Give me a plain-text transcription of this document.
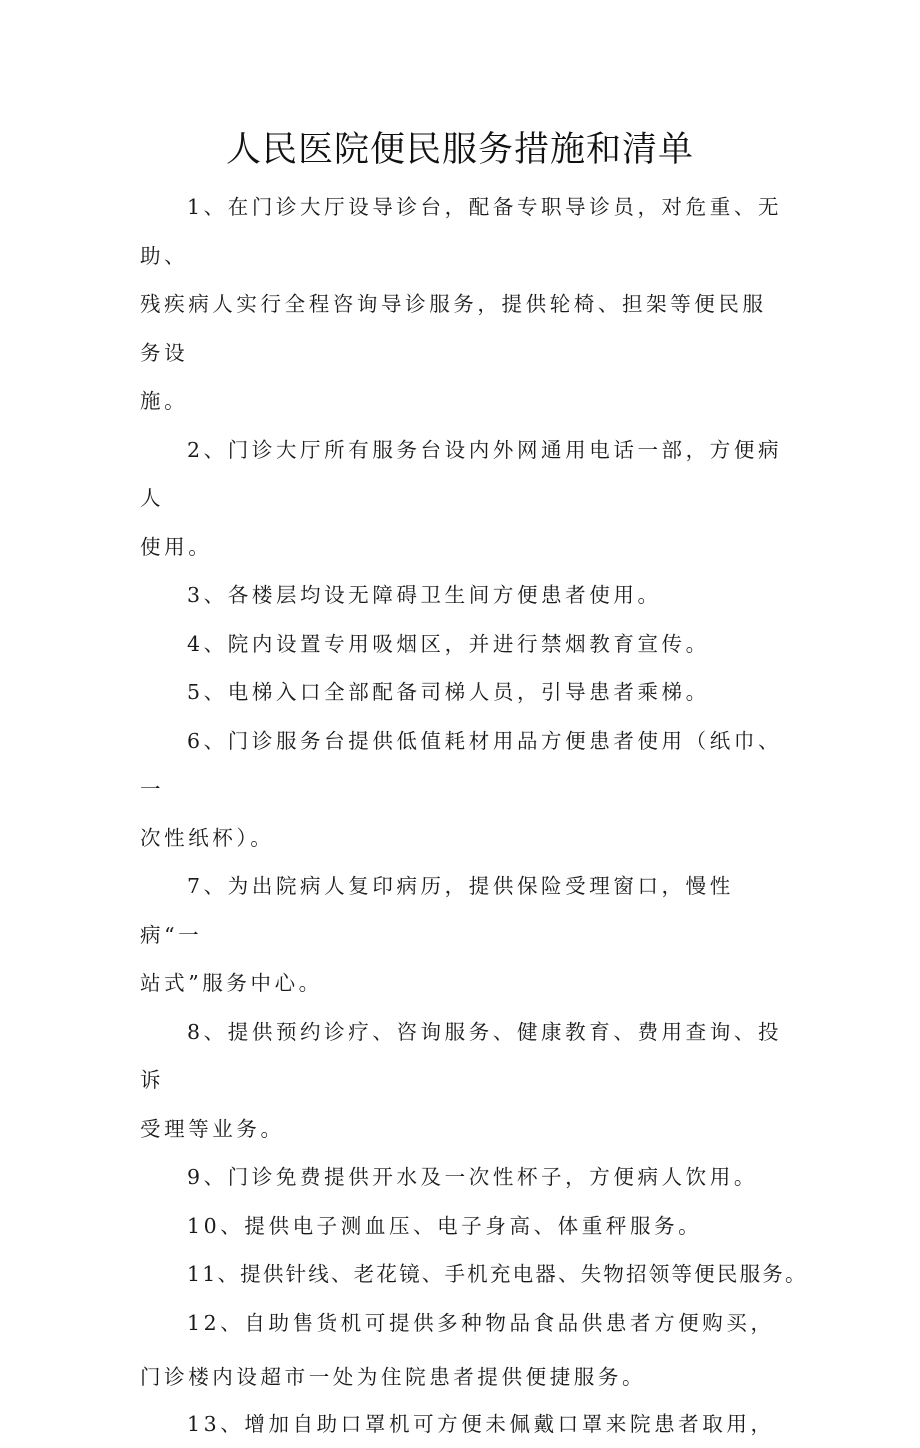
人民医院便民服务措施和清单

1、在门诊大厅设导诊台，配备专职导诊员，对危重、无助、
残疾病人实行全程咨询导诊服务，提供轮椅、担架等便民服务设
施。

2、门诊大厅所有服务台设内外网通用电话一部，方便病人
使用。

3、各楼层均设无障碍卫生间方便患者使用。

4、院内设置专用吸烟区，并进行禁烟教育宣传。

5、电梯入口全部配备司梯人员，引导患者乘梯。

6、门诊服务台提供低值耗材用品方便患者使用（纸巾、一
次性纸杯）。

7、为出院病人复印病历，提供保险受理窗口，慢性病“一
站式”服务中心。

8、提供预约诊疗、咨询服务、健康教育、费用查询、投诉
受理等业务。

9、门诊免费提供开水及一次性杯子，方便病人饮用。

10、提供电子测血压、电子身高、体重秤服务。

11、提供针线、老花镜、手机充电器、失物招领等便民服务。

12、自助售货机可提供多种物品食品供患者方便购买，
门诊楼内设超市一处为住院患者提供便捷服务。

13、增加自助口罩机可方便未佩戴口罩来院患者取用，
